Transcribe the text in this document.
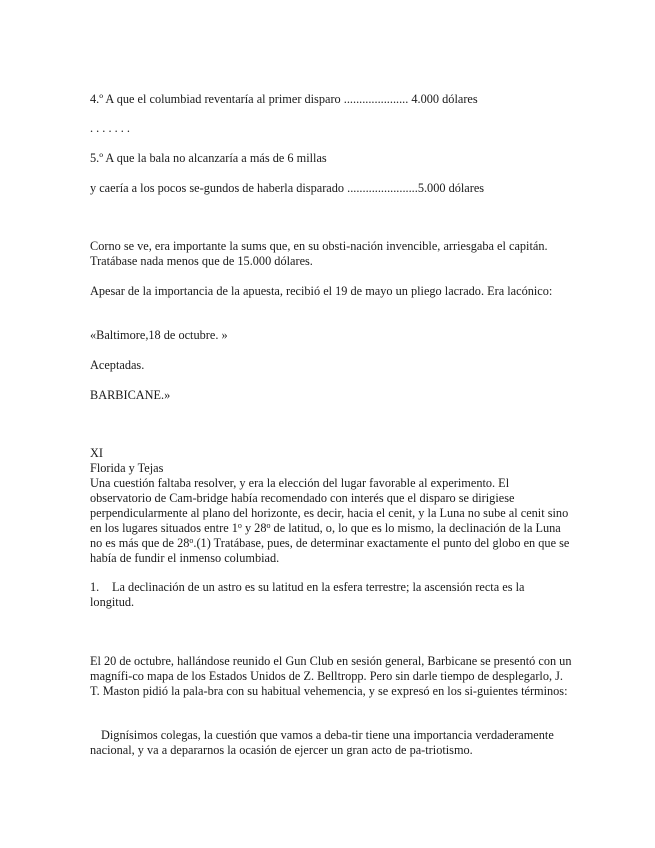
4.º A que el columbiad reventaría al primer disparo ..................... 4.000 dólares
. . . . . . .
5.º A que la bala no alcanzaría a más de 6 millas
y caería a los pocos se-gundos de haberla disparado .......................5.000 dólares
Corno se ve, era importante la sums que, en su obsti-nación invencible, arriesgaba el capitán. Tratábase nada menos que de 15.000 dólares.
Apesar de la importancia de la apuesta, recibió el 19 de mayo un pliego lacrado. Era lacónico:
«Baltimore,18 de octubre. »
Aceptadas.
BARBICANE.»
XI
Florida y Tejas
Una cuestión faltaba resolver, y era la elección del lugar favorable al experimento. El observatorio de Cam-bridge había recomendado con interés que el disparo se dirigiese perpendicularmente al plano del horizonte, es decir, hacia el cenit, y la Luna no sube al cenit sino en los lugares situados entre 1$^o$ y 28$^o$ de latitud, o, lo que es lo mismo, la declinación de la Luna no es más que de 28$^o$.(1) Tratábase, pues, de determinar exactamente el punto del globo en que se había de fundir el inmenso columbiad.
1. La declinación de un astro es su latitud en la esfera terrestre; la ascensión recta es la longitud.
El 20 de octubre, hallándose reunido el Gun Club en sesión general, Barbicane se presentó con un magnífi-co mapa de los Estados Unidos de Z. Belltropp. Pero sin darle tiempo de desplegarlo, J. T. Maston pidió la pala-bra con su habitual vehemencia, y se expresó en los si-guientes términos:
Dignísimos colegas, la cuestión que vamos a deba-tir tiene una importancia verdaderamente nacional, y va a depararnos la ocasión de ejercer un gran acto de pa-triotismo.
